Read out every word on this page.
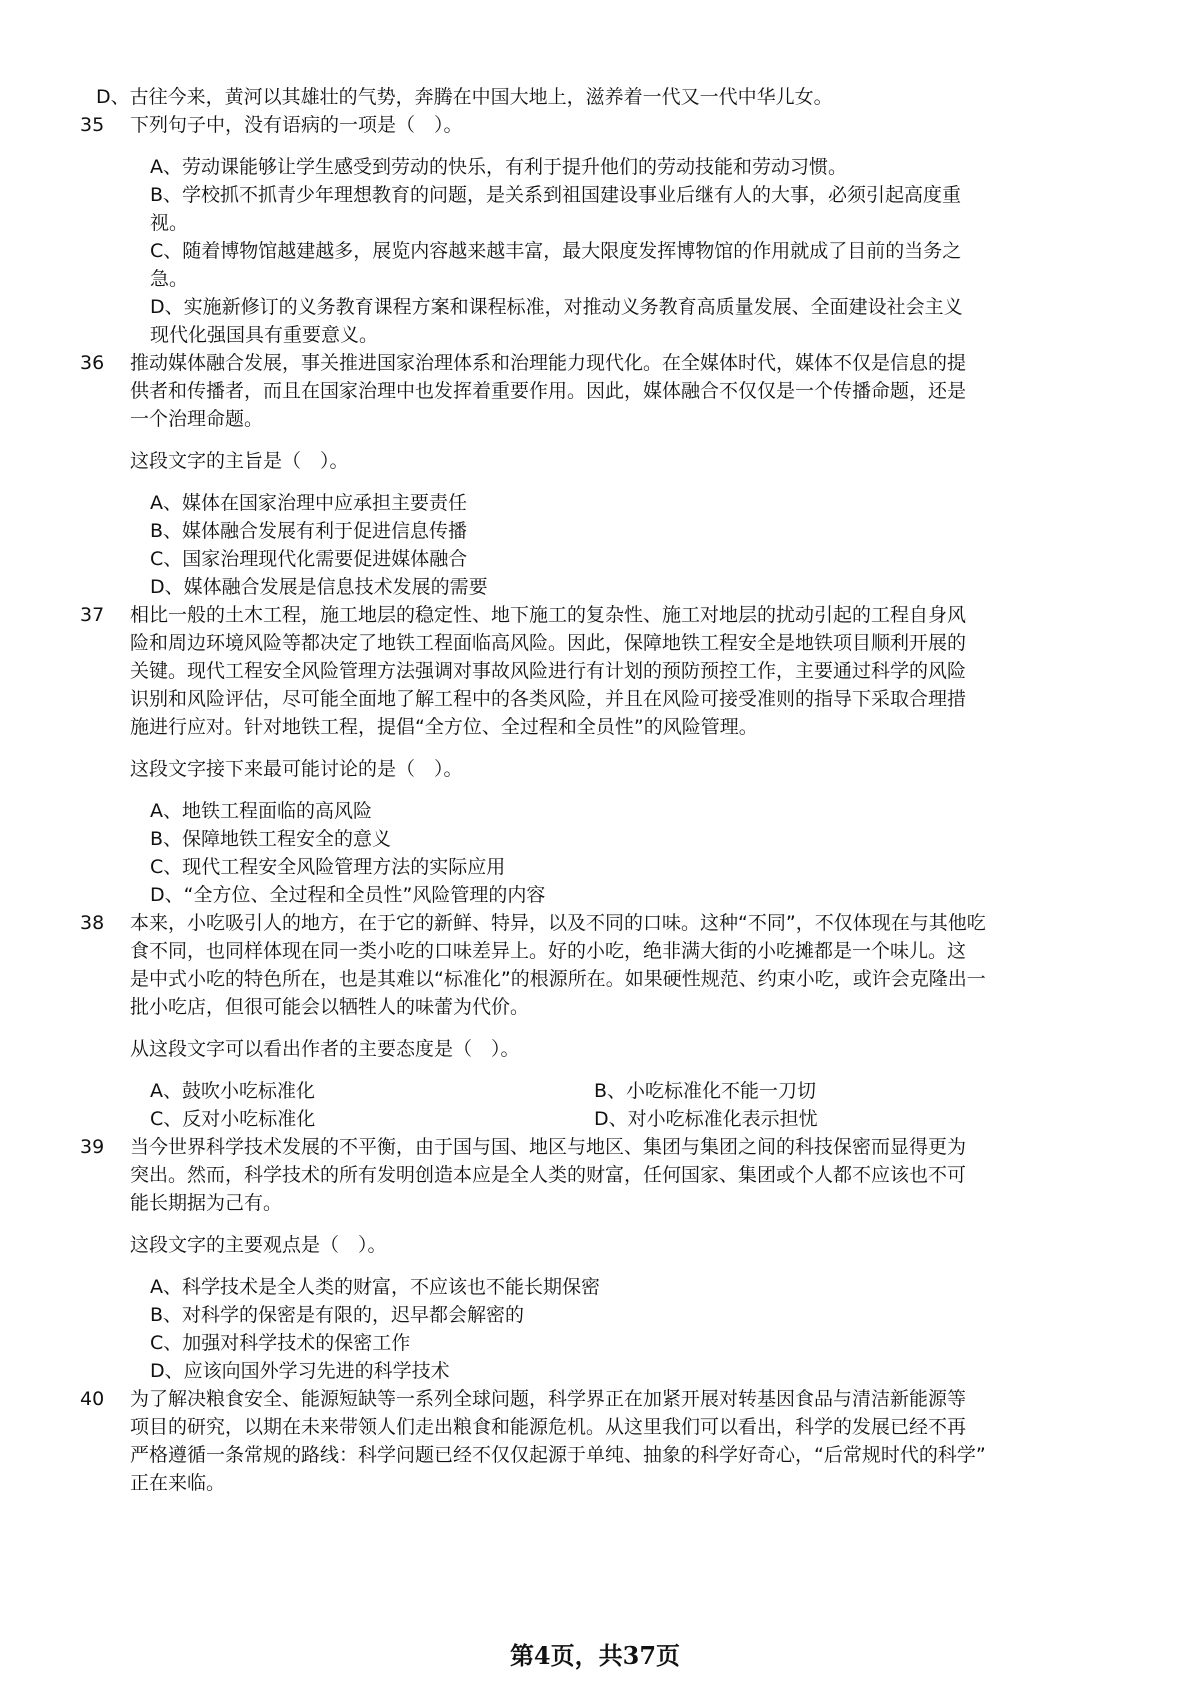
D、古往今来，黄河以其雄壮的气势，奔腾在中国大地上，滋养着一代又一代中华儿女。
35 下列句子中，没有语病的一项是（　）。
A、劳动课能够让学生感受到劳动的快乐，有利于提升他们的劳动技能和劳动习惯。
B、学校抓不抓青少年理想教育的问题，是关系到祖国建设事业后继有人的大事，必须引起高度重
视。
C、随着博物馆越建越多，展览内容越来越丰富，最大限度发挥博物馆的作用就成了目前的当务之
急。
D、实施新修订的义务教育课程方案和课程标准，对推动义务教育高质量发展、全面建设社会主义
现代化强国具有重要意义。
36 推动媒体融合发展，事关推进国家治理体系和治理能力现代化。在全媒体时代，媒体不仅是信息的提
供者和传播者，而且在国家治理中也发挥着重要作用。因此，媒体融合不仅仅是一个传播命题，还是
一个治理命题。
这段文字的主旨是（　）。
A、媒体在国家治理中应承担主要责任
B、媒体融合发展有利于促进信息传播
C、国家治理现代化需要促进媒体融合
D、媒体融合发展是信息技术发展的需要
37 相比一般的土木工程，施工地层的稳定性、地下施工的复杂性、施工对地层的扰动引起的工程自身风
险和周边环境风险等都决定了地铁工程面临高风险。因此，保障地铁工程安全是地铁项目顺利开展的
关键。现代工程安全风险管理方法强调对事故风险进行有计划的预防预控工作，主要通过科学的风险
识别和风险评估，尽可能全面地了解工程中的各类风险，并且在风险可接受准则的指导下采取合理措
施进行应对。针对地铁工程，提倡“全方位、全过程和全员性”的风险管理。
这段文字接下来最可能讨论的是（　）。
A、地铁工程面临的高风险
B、保障地铁工程安全的意义
C、现代工程安全风险管理方法的实际应用
D、“全方位、全过程和全员性”风险管理的内容
38 本来，小吃吸引人的地方，在于它的新鲜、特异，以及不同的口味。这种“不同”，不仅体现在与其他吃
食不同，也同样体现在同一类小吃的口味差异上。好的小吃，绝非满大街的小吃摊都是一个味儿。这
是中式小吃的特色所在，也是其难以“标准化”的根源所在。如果硬性规范、约束小吃，或许会克隆出一
批小吃店，但很可能会以牺牲人的味蕾为代价。
从这段文字可以看出作者的主要态度是（　）。
A、鼓吹小吃标准化	B、小吃标准化不能一刀切
C、反对小吃标准化	D、对小吃标准化表示担忧
39 当今世界科学技术发展的不平衡，由于国与国、地区与地区、集团与集团之间的科技保密而显得更为
突出。然而，科学技术的所有发明创造本应是全人类的财富，任何国家、集团或个人都不应该也不可
能长期据为己有。
这段文字的主要观点是（　）。
A、科学技术是全人类的财富，不应该也不能长期保密
B、对科学的保密是有限的，迟早都会解密的
C、加强对科学技术的保密工作
D、应该向国外学习先进的科学技术
40 为了解决粮食安全、能源短缺等一系列全球问题，科学界正在加紧开展对转基因食品与清洁新能源等
项目的研究，以期在未来带领人们走出粮食和能源危机。从这里我们可以看出，科学的发展已经不再
严格遵循一条常规的路线：科学问题已经不仅仅起源于单纯、抽象的科学好奇心，“后常规时代的科学”
正在来临。
第4页，共37页
